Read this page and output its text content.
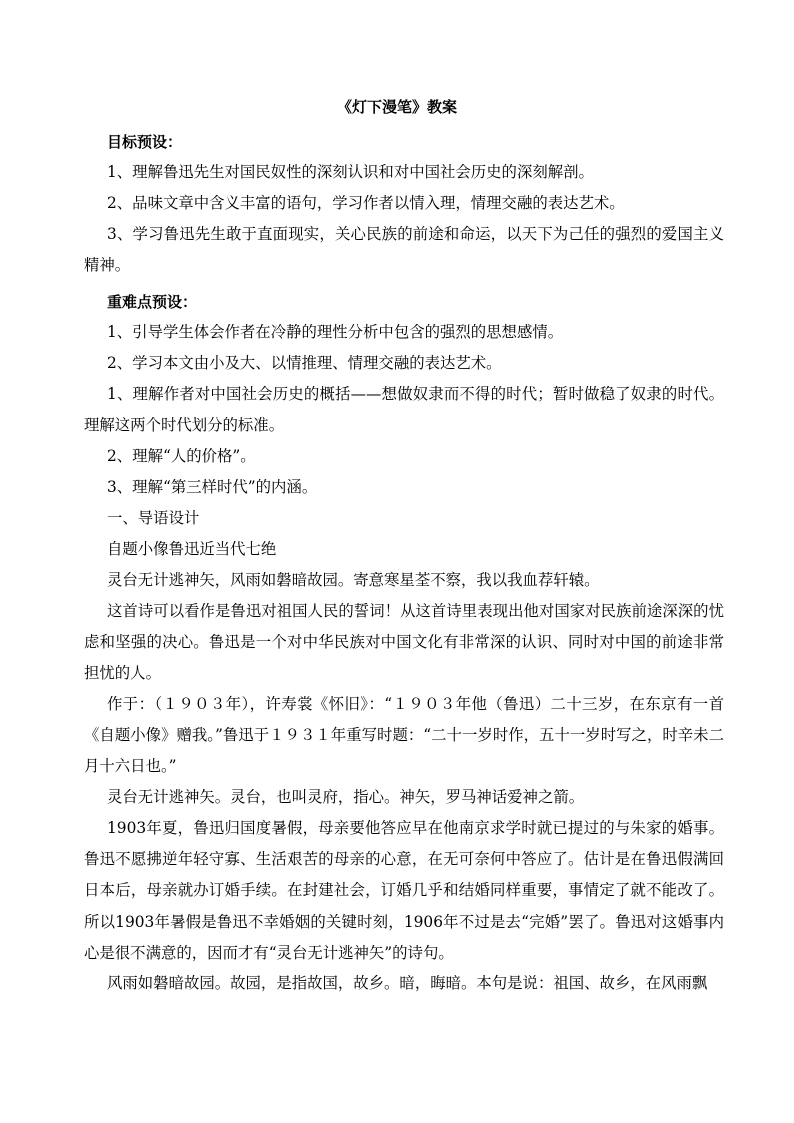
《灯下漫笔》教案
目标预设：
1、理解鲁迅先生对国民奴性的深刻认识和对中国社会历史的深刻解剖。
2、品味文章中含义丰富的语句，学习作者以情入理，情理交融的表达艺术。
3、学习鲁迅先生敢于直面现实，关心民族的前途和命运，以天下为己任的强烈的爱国主义精神。
重难点预设：
1、引导学生体会作者在冷静的理性分析中包含的强烈的思想感情。
2、学习本文由小及大、以情推理、情理交融的表达艺术。
1、理解作者对中国社会历史的概括——想做奴隶而不得的时代；暂时做稳了奴隶的时代。理解这两个时代划分的标准。
2、理解“人的价格”。
3、理解“第三样时代”的内涵。
一、导语设计
自题小像鲁迅近当代七绝
灵台无计逃神矢，风雨如磐暗故园。寄意寒星荃不察，我以我血荐轩辕。
这首诗可以看作是鲁迅对祖国人民的誓词！从这首诗里表现出他对国家对民族前途深深的忧虑和坚强的决心。鲁迅是一个对中华民族对中国文化有非常深的认识、同时对中国的前途非常担忧的人。
作于：（１９０３年），许寿裳《怀旧》：“１９０３年他（鲁迅）二十三岁，在东京有一首《自题小像》赠我。”鲁迅于１９３１年重写时题：“二十一岁时作，五十一岁时写之，时辛未二月十六日也。”
灵台无计逃神矢。灵台，也叫灵府，指心。神矢，罗马神话爱神之箭。
1903年夏，鲁迅归国度暑假，母亲要他答应早在他南京求学时就已提过的与朱家的婚事。鲁迅不愿拂逆年轻守寡、生活艰苦的母亲的心意，在无可奈何中答应了。估计是在鲁迅假满回日本后，母亲就办订婚手续。在封建社会，订婚几乎和结婚同样重要，事情定了就不能改了。所以1903年暑假是鲁迅不幸婚姻的关键时刻，1906年不过是去“完婚”罢了。鲁迅对这婚事内心是很不满意的，因而才有“灵台无计逃神矢”的诗句。
风雨如磐暗故园。故园，是指故国，故乡。暗，晦暗。本句是说：祖国、故乡，在风雨飘
